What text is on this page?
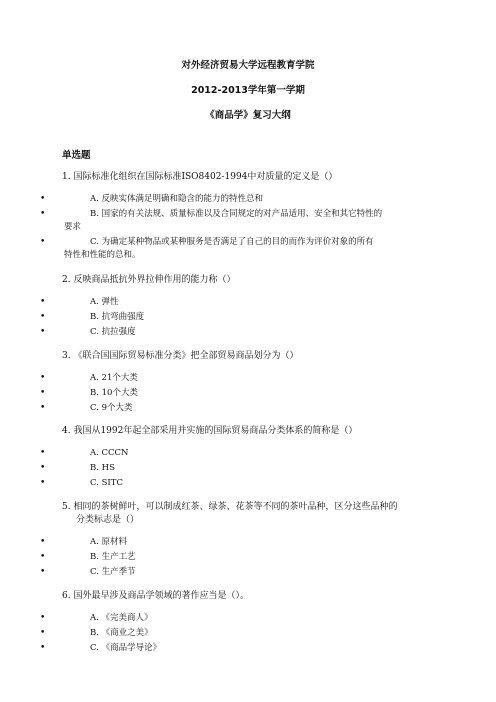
对外经济贸易大学远程教育学院
2012-2013学年第一学期
《商品学》复习大纲
单选题
1. 国际标准化组织在国际标准ISO8402-1994中对质量的定义是（）
•	A. 反映实体满足明确和隐含的能力的特性总和
•	B. 国家的有关法规、质量标准以及合同规定的对产品适用、安全和其它特性的
要求
•	C. 为确定某种物品或某种服务是否满足了自己的目的而作为评价对象的所有
特性和性能的总和。
2. 反映商品抵抗外界拉伸作用的能力称（）
•	A. 弹性
•	B. 抗弯曲强度
•	C. 抗拉强度
3. 《联合国国际贸易标准分类》把全部贸易商品划分为（）
•	A. 21个大类
•	B. 10个大类
•	C. 9个大类
4. 我国从1992年起全部采用并实施的国际贸易商品分类体系的简称是（）
•	A. CCCN
•	B. HS
•	C. SITC
5. 相同的茶树鲜叶，可以制成红茶、绿茶、花茶等不同的茶叶品种，区分这些品种的
分类标志是（）
•	A. 原材料
•	B. 生产工艺
•	C. 生产季节
6. 国外最早涉及商品学领域的著作应当是（）。
•	A. 《完美商人》
•	B. 《商业之美》
•	C. 《商品学导论》
